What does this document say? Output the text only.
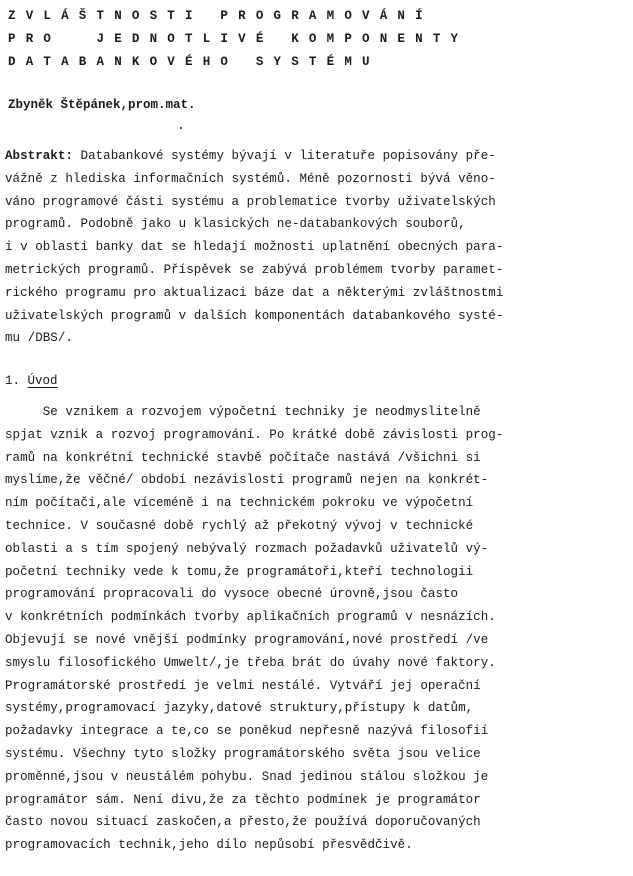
ZVLÁŠTNOSTI PROGRAMOVÁNÍ
PRO  JEDNOTLIVÉ KOMPONENTY
DATABANKOVÉHO SYSTÉMU
Zbyněk Štěpánek,prom.mat.
Abstrakt: Databankové systémy bývají v literatuře popisovány pře-
vážně z hlediska informačních systémů. Méně pozornosti bývá věno-
váno programové části systému a problematice tvorby uživatelských
programů. Podobně jako u klasických ne-databankových souborů,
i v oblasti banky dat se hledají možnosti uplatnění obecných para-
metrických programů. Příspěvek se zabývá problémem tvorby paramet-
rického programu pro aktualizaci báze dat a některými zvláštnostmi
uživatelských programů v dalších komponentách databankového systé-
mu /DBS/.
1. Úvod
Se vznikem a rozvojem výpočetní techniky je neodmyslitelně
spjat vznik a rozvoj programování. Po krátké době závislosti prog-
ramů na konkrétní technické stavbě počítače nastává /všichni si
myslíme,že věčné/ období nezávislosti programů nejen na konkrét-
ním počítači,ale víceméně i na technickém pokroku ve výpočetní
technice. V současné době rychlý až překotný vývoj v technické
oblasti a s tím spojený nebývalý rozmach požadavků uživatelů vý-
početní techniky vede k tomu,že programátoři,kteří technologii
programování propracovali do vysoce obecné úrovně,jsou často
v konkrétních podmínkách tvorby aplikačních programů v nesnázích.
Objevují se nové vnější podmínky programování,nové prostředí /ve
smyslu filosofického Umwelt/,je třeba brát do úvahy nové faktory.
Programátorské prostředí je velmi nestálé. Vytváří jej operační
systémy,programovací jazyky,datové struktury,přístupy k datům,
požadavky integrace a te,co se poněkud nepřesně nazývá filosofií
systému. Všechny tyto složky programátorského světa jsou velice
proměnné,jsou v neustálém pohybu. Snad jedinou stálou složkou je
programátor sám. Není divu,že za těchto podmínek je programátor
často novou situací zaskočen,a přesto,že používá doporučovaných
programovacích technik,jeho dílo nepůsobí přesvědčivě.
